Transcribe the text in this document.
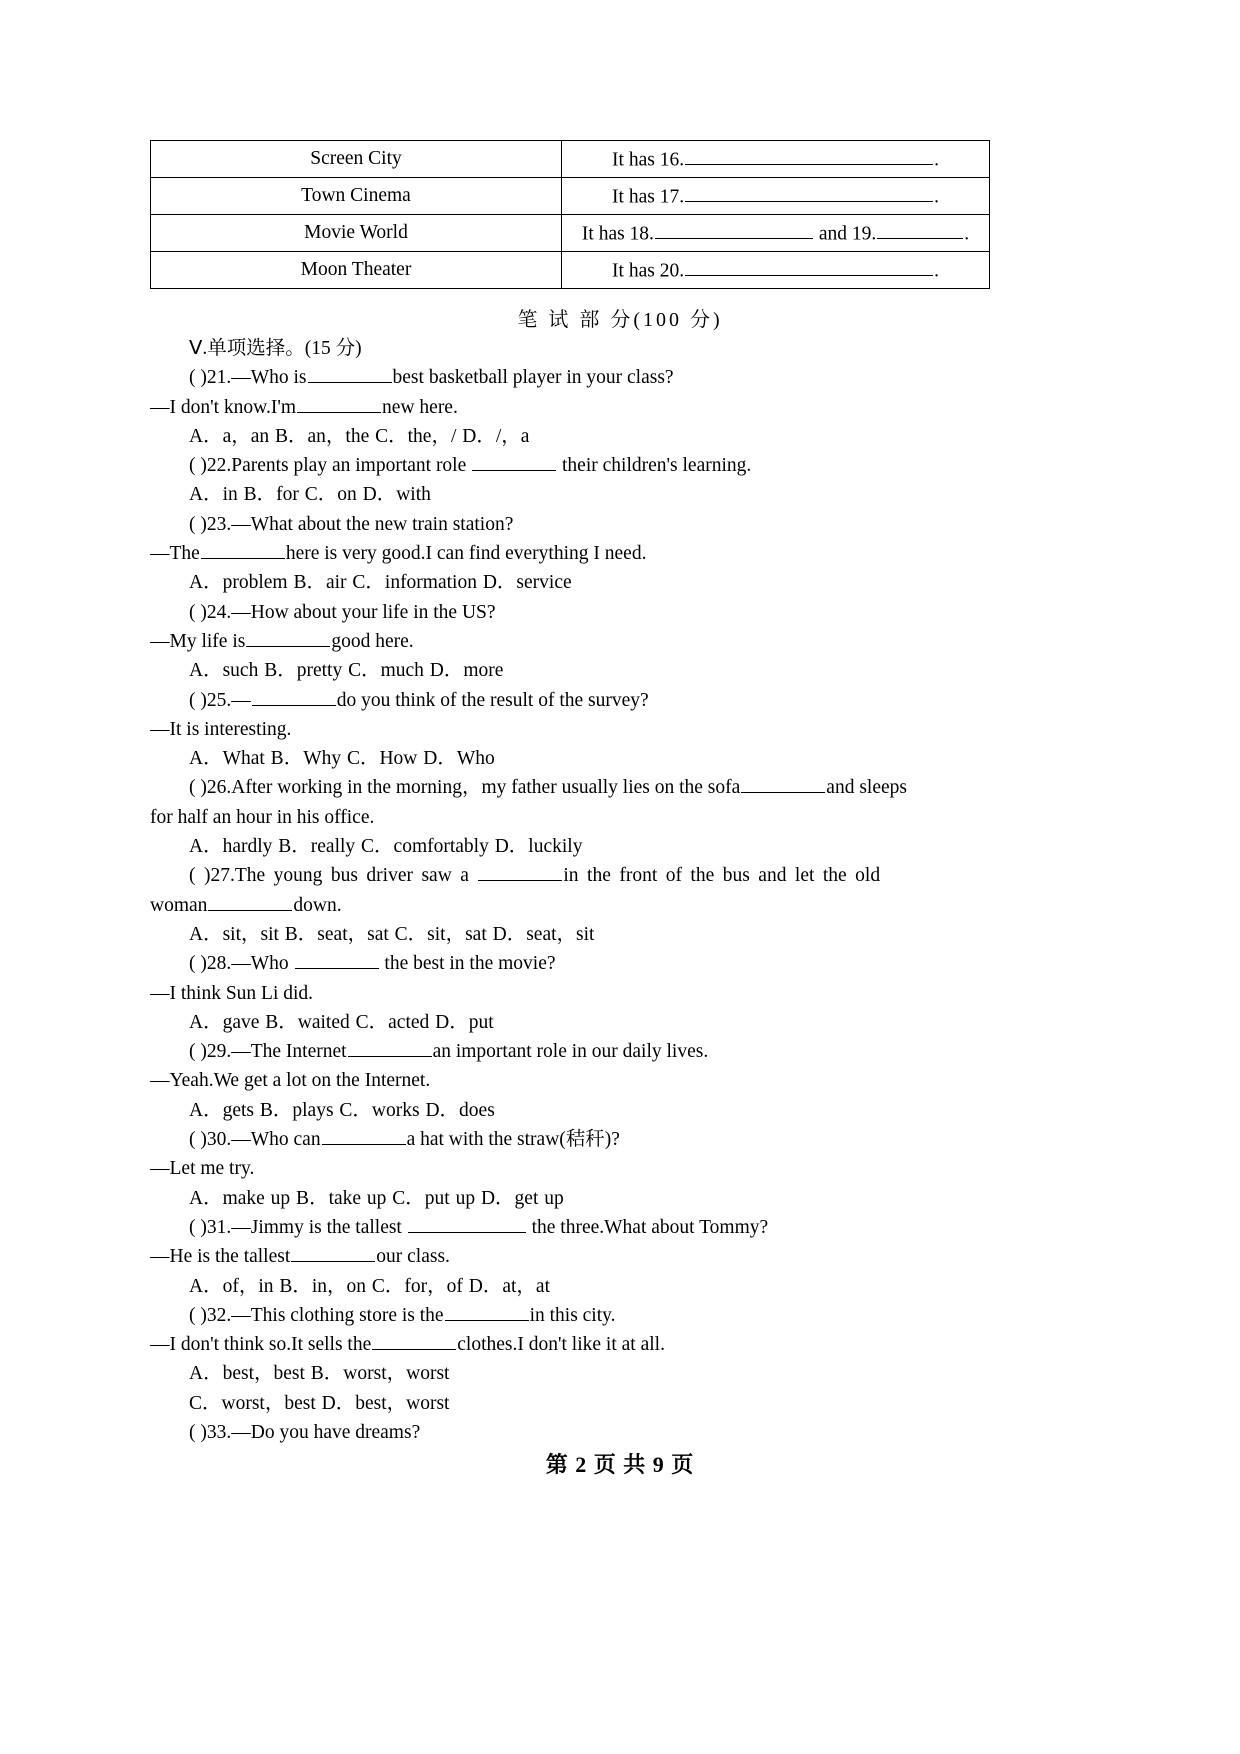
Screen City	It has 16. .
Town Cinema	It has 17. .
Movie World	It has 18. and 19. .
Moon Theater	It has 20. .
笔 试 部 分(100 分)
Ⅴ.单项选择。(15 分)
( )21.—Who is	best basketball player in your class?
—I don't know.I'm	new here.
A．a，an B．an，the C．the，/ D．/，a
( )22.Parents play an important role	their children's learning.
A．in B．for C．on D．with
( )23.—What about the new train station?
—The	here is very good.I can find everything I need.
A．problem B．air C．information D．service
( )24.—How about your life in the US?
—My life is	good here.
A．such B．pretty C．much D．more
( )25.—	do you think of the result of the survey?
—It is interesting.
A．What B．Why C．How D．Who
( )26.After working in the morning，my father usually lies on the sofa	and sleeps
for half an hour in his office.
A．hardly B．really C．comfortably D．luckily
( )27.The young bus driver saw a	in the front of the bus and let the old
woman	down.
A．sit，sit B．seat，sat C．sit，sat D．seat，sit
( )28.—Who	the best in the movie?
—I think Sun Li did.
A．gave B．waited C．acted D．put
( )29.—The Internet	an important role in our daily lives.
—Yeah.We get a lot on the Internet.
A．gets B．plays C．works D．does
( )30.—Who can	a hat with the straw(秸秆)?
—Let me try.
A．make up B．take up C．put up D．get up
( )31.—Jimmy is the tallest	the three.What about Tommy?
—He is the tallest	our class.
A．of，in B．in，on C．for，of D．at，at
( )32.—This clothing store is the	in this city.
—I don't think so.It sells the	clothes.I don't like it at all.
A．best，best B．worst，worst
C．worst，best D．best，worst
( )33.—Do you have dreams?
第 2 页 共 9 页
